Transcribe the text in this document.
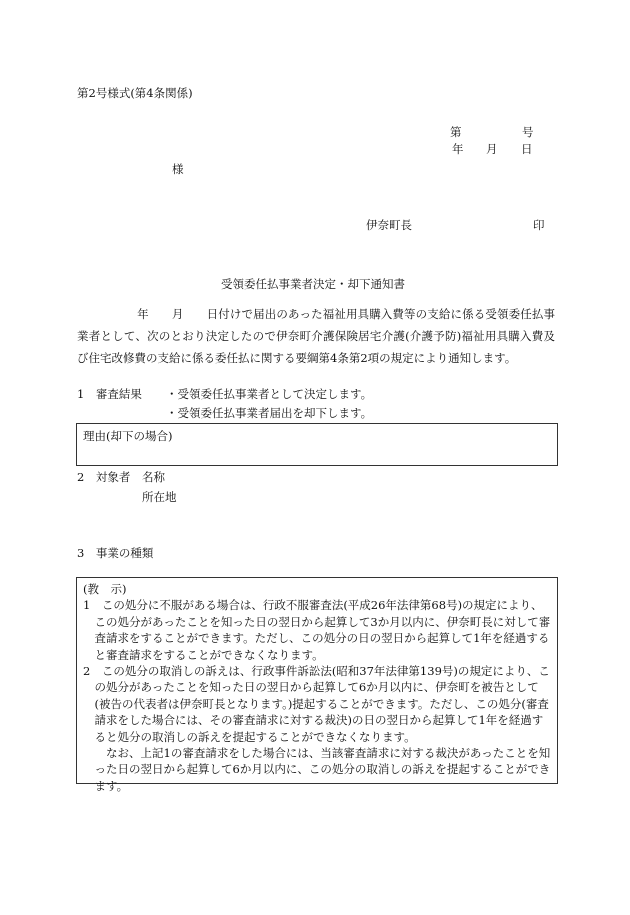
第2号様式(第4条関係)
第	号
年 月 日
様
伊奈町長	印
受領委任払事業者決定・却下通知書
年 月 日付けで届出のあった福祉用具購入費等の支給に係る受領委任払事業者として、次のとおり決定したので伊奈町介護保険居宅介護(介護予防)福祉用具購入費及び住宅改修費の支給に係る委任払に関する要綱第4条第2項の規定により通知します。
1　審査結果 ・受領委任払事業者として決定します。
・受領委任払事業者届出を却下します。
理由(却下の場合)
2　対象者 名称
所在地
3　事業の種類
(教　示)
1　この処分に不服がある場合は、行政不服審査法(平成26年法律第68号)の規定により、この処分があったことを知った日の翌日から起算して3か月以内に、伊奈町長に対して審査請求をすることができます。ただし、この処分の日の翌日から起算して1年を経過すると審査請求をすることができなくなります。
2　この処分の取消しの訴えは、行政事件訴訟法(昭和37年法律第139号)の規定により、この処分があったことを知った日の翌日から起算して6か月以内に、伊奈町を被告として(被告の代表者は伊奈町長となります。)提起することができます。ただし、この処分(審査請求をした場合には、その審査請求に対する裁決)の日の翌日から起算して1年を経過すると処分の取消しの訴えを提起することができなくなります。
なお、上記1の審査請求をした場合には、当該審査請求に対する裁決があったことを知った日の翌日から起算して6か月以内に、この処分の取消しの訴えを提起することができます。
